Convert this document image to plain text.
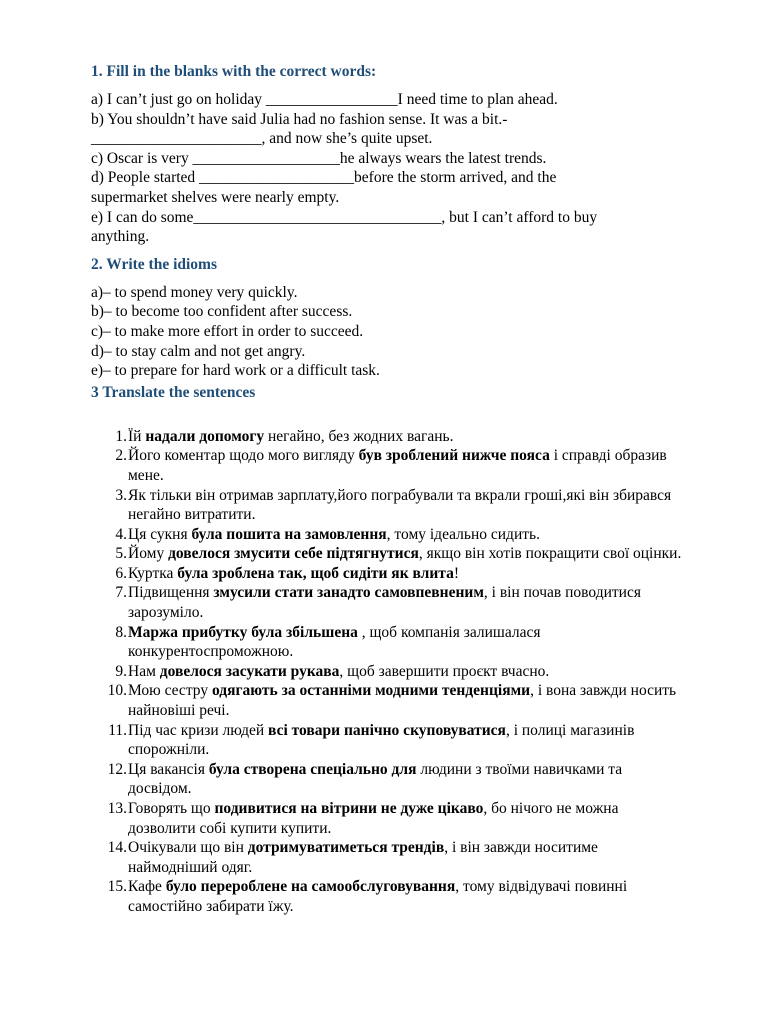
1. Fill in the blanks with the correct words:

a) I can’t just go on holiday _________________I need time to plan ahead.

b) You shouldn’t have said Julia had no fashion sense. It was a bit.-

______________________, and now she’s quite upset.

c) Oscar is very ___________________he always wears the latest trends.

d) People started ____________________before the storm arrived, and the

supermarket shelves were nearly empty.

e) I can do some________________________________, but I can’t afford to buy

anything.

2. Write the idioms

a)– to spend money very quickly.

b)– to become too confident after success.

c)– to make more effort in order to succeed.

d)– to stay calm and not get angry.

e)– to prepare for hard work or a difficult task.

3 Translate the sentences
1. Їй надали допомогу негайно, без жодних вагань.
2. Його коментар щодо мого вигляду був зроблений нижче пояса і справді образив мене.
3. Як тільки він отримав зарплату,його пограбували та вкрали гроші,які він збирався негайно витратити.
4. Ця сукня була пошита на замовлення, тому ідеально сидить.
5. Йому довелося змусити себе підтягнутися, якщо він хотів покращити свої оцінки.
6. Куртка була зроблена так, щоб сидіти як влита!
7. Підвищення змусили стати занадто самовпевненим, і він почав поводитися зарозуміло.
8. Маржа прибутку була збільшена , щоб компанія залишалася конкурентоспроможною.
9. Нам довелося засукати рукава, щоб завершити проєкт вчасно.
10. Мою сестру одягають за останніми модними тенденціями, і вона завжди носить найновіші речі.
11. Під час кризи людей всі товари панічно скуповуватися, і полиці магазинів спорожніли.
12. Ця вакансія була створена спеціально для людини з твоїми навичками та досвідом.
13. Говорять що подивитися на вітрини не дуже цікаво, бо нічого не можна дозволити собі купити купити.
14. Очікували що він дотримуватиметься трендів, і він завжди носитиме наймодніший одяг.
15. Кафе було перероблене на самообслуговування, тому відвідувачі повинні самостійно забирати їжу.
